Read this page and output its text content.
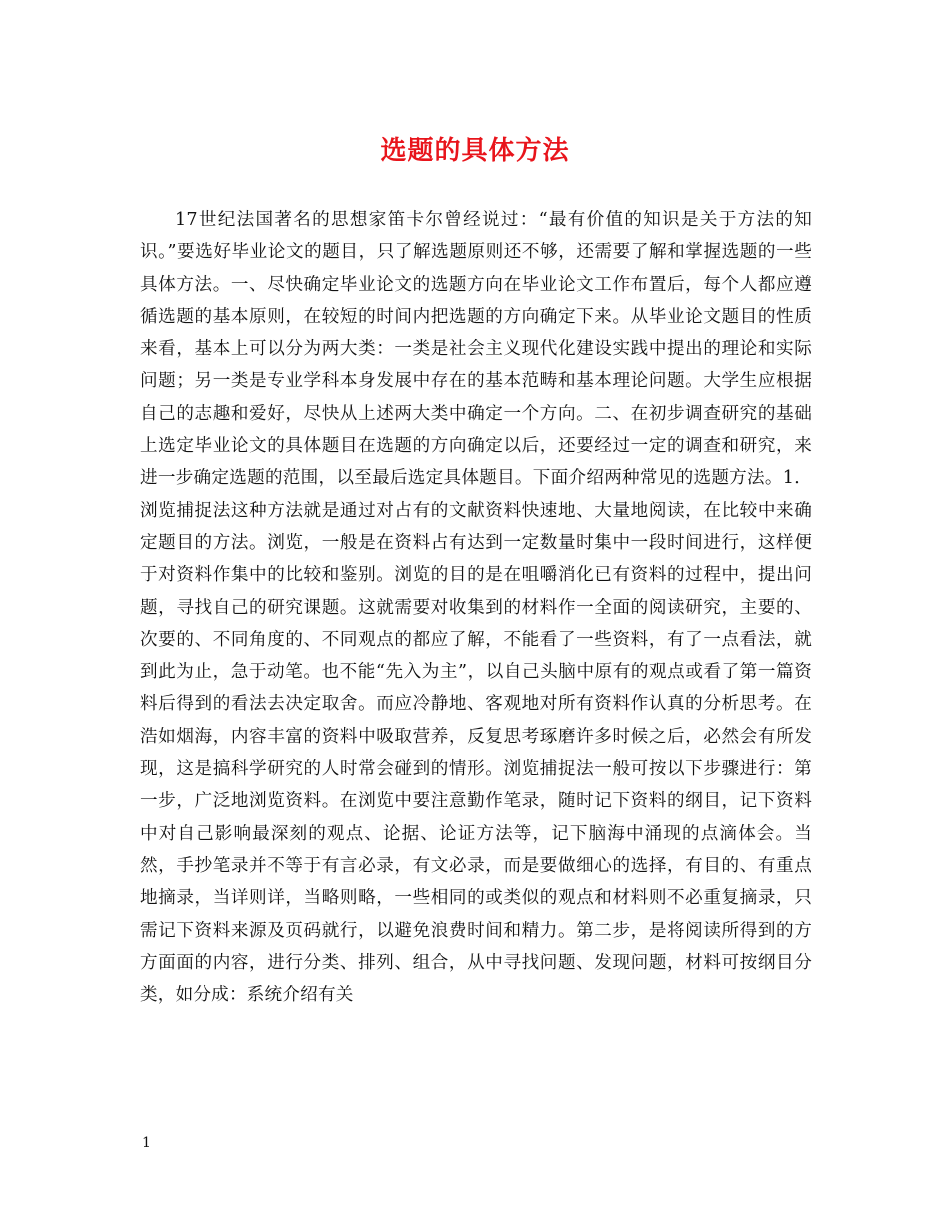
选题的具体方法

17世纪法国著名的思想家笛卡尔曾经说过：“最有价值的知识是关于方法的知识。”要选好毕业论文的题目，只了解选题原则还不够，还需要了解和掌握选题的一些具体方法。一、尽快确定毕业论文的选题方向在毕业论文工作布置后，每个人都应遵循选题的基本原则，在较短的时间内把选题的方向确定下来。从毕业论文题目的性质来看，基本上可以分为两大类：一类是社会主义现代化建设实践中提出的理论和实际问题；另一类是专业学科本身发展中存在的基本范畴和基本理论问题。大学生应根据自己的志趣和爱好，尽快从上述两大类中确定一个方向。二、在初步调查研究的基础上选定毕业论文的具体题目在选题的方向确定以后，还要经过一定的调查和研究，来进一步确定选题的范围，以至最后选定具体题目。下面介绍两种常见的选题方法。1．浏览捕捉法这种方法就是通过对占有的文献资料快速地、大量地阅读，在比较中来确定题目的方法。浏览，一般是在资料占有达到一定数量时集中一段时间进行，这样便于对资料作集中的比较和鉴别。浏览的目的是在咀嚼消化已有资料的过程中，提出问题，寻找自己的研究课题。这就需要对收集到的材料作一全面的阅读研究，主要的、次要的、不同角度的、不同观点的都应了解，不能看了一些资料，有了一点看法，就到此为止，急于动笔。也不能“先入为主”，以自己头脑中原有的观点或看了第一篇资料后得到的看法去决定取舍。而应冷静地、客观地对所有资料作认真的分析思考。在浩如烟海，内容丰富的资料中吸取营养，反复思考琢磨许多时候之后，必然会有所发现，这是搞科学研究的人时常会碰到的情形。浏览捕捉法一般可按以下步骤进行：第一步，广泛地浏览资料。在浏览中要注意勤作笔录，随时记下资料的纲目，记下资料中对自己影响最深刻的观点、论据、论证方法等，记下脑海中涌现的点滴体会。当然，手抄笔录并不等于有言必录，有文必录，而是要做细心的选择，有目的、有重点地摘录，当详则详，当略则略，一些相同的或类似的观点和材料则不必重复摘录，只需记下资料来源及页码就行，以避免浪费时间和精力。第二步，是将阅读所得到的方方面面的内容，进行分类、排列、组合，从中寻找问题、发现问题，材料可按纲目分类，如分成：系统介绍有关

1
